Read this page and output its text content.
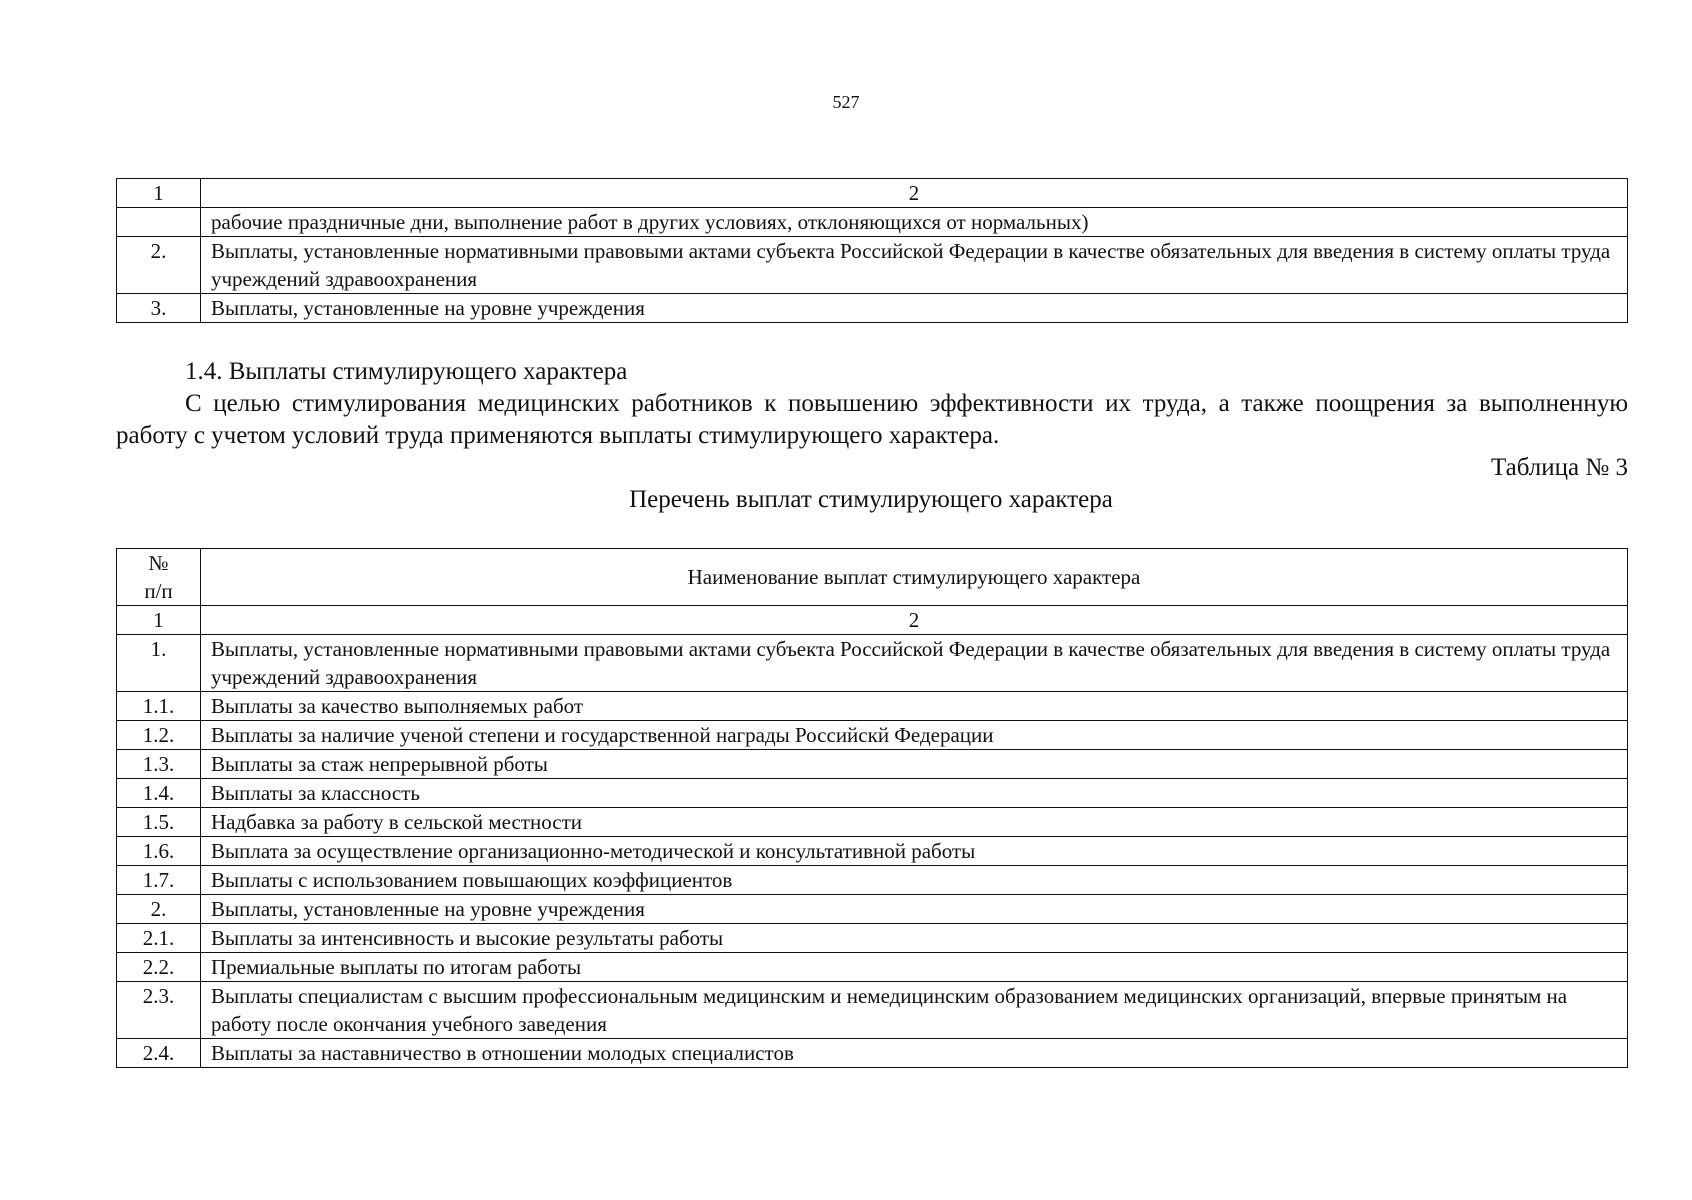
527
1	2
	рабочие праздничные дни, выполнение работ в других условиях, отклоняющихся от нормальных)
2.	Выплаты, установленные нормативными правовыми актами субъекта Российской Федерации в качестве обязательных для введения в систему оплаты труда учреждений здравоохранения
3.	Выплаты, установленные на уровне учреждения
1.4. Выплаты стимулирующего характера
С целью стимулирования медицинских работников к повышению эффективности их труда, а также поощрения за выполненную работу с учетом условий труда применяются выплаты стимулирующего характера.
Таблица № 3
Перечень выплат стимулирующего характера
№
п/п	Наименование выплат стимулирующего характера
1	2
1.	Выплаты, установленные нормативными правовыми актами субъекта Российской Федерации в качестве обязательных для введения в систему оплаты труда учреждений здравоохранения
1.1.	Выплаты за качество выполняемых работ
1.2.	Выплаты за наличие ученой степени и государственной награды Российскй Федерации
1.3.	Выплаты за стаж непрерывной рботы
1.4.	Выплаты за классность
1.5.	Надбавка за работу в сельской местности
1.6.	Выплата за осуществление организационно-методической и консультативной работы
1.7.	Выплаты с использованием повышающих коэффициентов
2.	Выплаты, установленные на уровне учреждения
2.1.	Выплаты за интенсивность и высокие результаты работы
2.2.	Премиальные выплаты по итогам работы
2.3.	Выплаты специалистам с высшим профессиональным медицинским и немедицинским образованием медицинских организаций, впервые принятым на работу после окончания учебного заведения
2.4.	Выплаты за наставничество в отношении молодых специалистов
